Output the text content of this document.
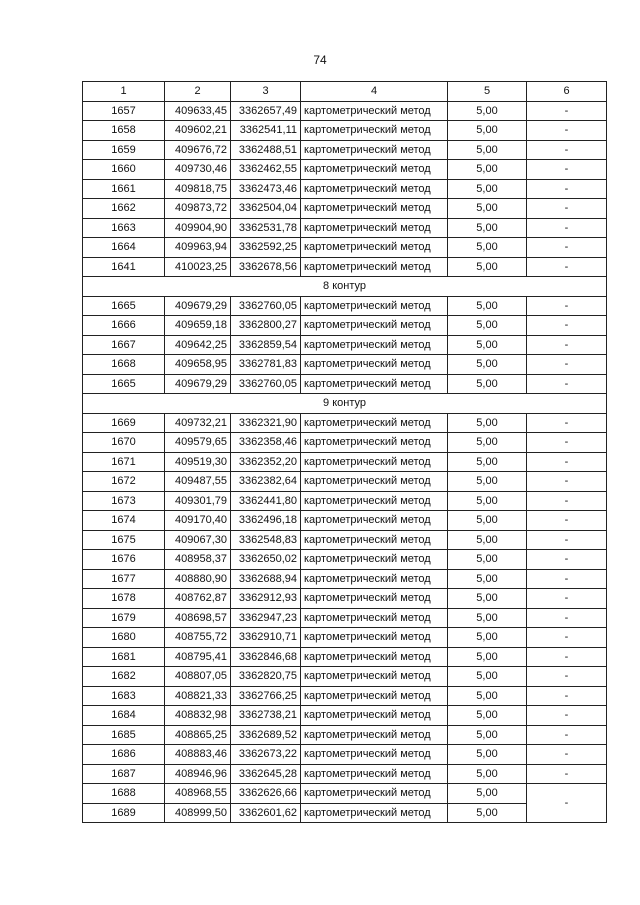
74
1	2	3	4	5	6
1657	409633,45	3362657,49	картометрический метод	5,00	-
1658	409602,21	3362541,11	картометрический метод	5,00	-
1659	409676,72	3362488,51	картометрический метод	5,00	-
1660	409730,46	3362462,55	картометрический метод	5,00	-
1661	409818,75	3362473,46	картометрический метод	5,00	-
1662	409873,72	3362504,04	картометрический метод	5,00	-
1663	409904,90	3362531,78	картометрический метод	5,00	-
1664	409963,94	3362592,25	картометрический метод	5,00	-
1641	410023,25	3362678,56	картометрический метод	5,00	-
8 контур					
1665	409679,29	3362760,05	картометрический метод	5,00	-
1666	409659,18	3362800,27	картометрический метод	5,00	-
1667	409642,25	3362859,54	картометрический метод	5,00	-
1668	409658,95	3362781,83	картометрический метод	5,00	-
1665	409679,29	3362760,05	картометрический метод	5,00	-
9 контур					
1669	409732,21	3362321,90	картометрический метод	5,00	-
1670	409579,65	3362358,46	картометрический метод	5,00	-
1671	409519,30	3362352,20	картометрический метод	5,00	-
1672	409487,55	3362382,64	картометрический метод	5,00	-
1673	409301,79	3362441,80	картометрический метод	5,00	-
1674	409170,40	3362496,18	картометрический метод	5,00	-
1675	409067,30	3362548,83	картометрический метод	5,00	-
1676	408958,37	3362650,02	картометрический метод	5,00	-
1677	408880,90	3362688,94	картометрический метод	5,00	-
1678	408762,87	3362912,93	картометрический метод	5,00	-
1679	408698,57	3362947,23	картометрический метод	5,00	-
1680	408755,72	3362910,71	картометрический метод	5,00	-
1681	408795,41	3362846,68	картометрический метод	5,00	-
1682	408807,05	3362820,75	картометрический метод	5,00	-
1683	408821,33	3362766,25	картометрический метод	5,00	-
1684	408832,98	3362738,21	картометрический метод	5,00	-
1685	408865,25	3362689,52	картометрический метод	5,00	-
1686	408883,46	3362673,22	картометрический метод	5,00	-
1687	408946,96	3362645,28	картометрический метод	5,00	-
1688	408968,55	3362626,66	картометрический метод	5,00	-
1689	408999,50	3362601,62	картометрический метод	5,00	
